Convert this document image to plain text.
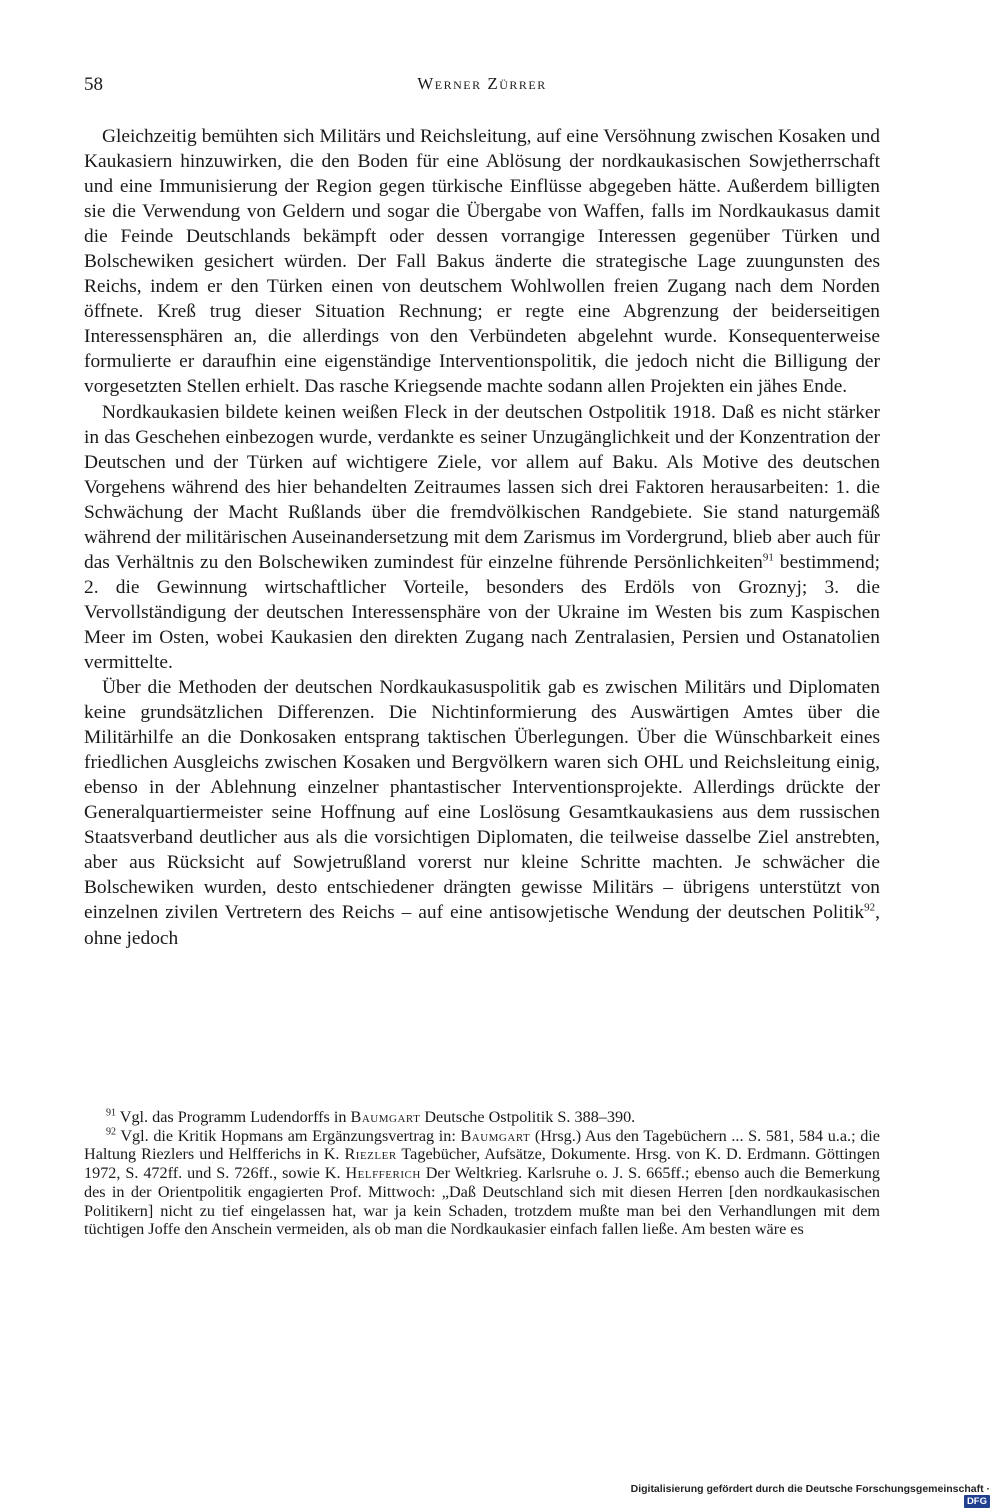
58	Werner Zürrer

Gleichzeitig bemühten sich Militärs und Reichsleitung, auf eine Versöhnung zwischen Kosaken und Kaukasiern hinzuwirken, die den Boden für eine Ablösung der nordkaukasischen Sowjetherrschaft und eine Immunisierung der Region gegen türkische Einflüsse abgegeben hätte. Außerdem billigten sie die Verwendung von Geldern und sogar die Übergabe von Waffen, falls im Nordkaukasus damit die Feinde Deutschlands bekämpft oder dessen vorrangige Interessen gegenüber Türken und Bolschewiken gesichert würden. Der Fall Bakus änderte die strategische Lage zuungunsten des Reichs, indem er den Türken einen von deutschem Wohlwollen freien Zugang nach dem Norden öffnete. Kreß trug dieser Situation Rechnung; er regte eine Abgrenzung der beiderseitigen Interessensphären an, die allerdings von den Verbündeten abgelehnt wurde. Konsequenterweise formulierte er daraufhin eine eigenständige Interventionspolitik, die jedoch nicht die Billigung der vorgesetzten Stellen erhielt. Das rasche Kriegsende machte sodann allen Projekten ein jähes Ende.

Nordkaukasien bildete keinen weißen Fleck in der deutschen Ostpolitik 1918. Daß es nicht stärker in das Geschehen einbezogen wurde, verdankte es seiner Unzugänglichkeit und der Konzentration der Deutschen und der Türken auf wichtigere Ziele, vor allem auf Baku. Als Motive des deutschen Vorgehens während des hier behandelten Zeitraumes lassen sich drei Faktoren herausarbeiten: 1. die Schwächung der Macht Rußlands über die fremdvölkischen Randgebiete. Sie stand naturgemäß während der militärischen Auseinandersetzung mit dem Zarismus im Vordergrund, blieb aber auch für das Verhältnis zu den Bolschewiken zumindest für einzelne führende Persönlichkeiten$^{91}$ bestimmend; 2. die Gewinnung wirtschaftlicher Vorteile, besonders des Erdöls von Groznyj; 3. die Vervollständigung der deutschen Interessensphäre von der Ukraine im Westen bis zum Kaspischen Meer im Osten, wobei Kaukasien den direkten Zugang nach Zentralasien, Persien und Ostanatolien vermittelte.

Über die Methoden der deutschen Nordkaukasuspolitik gab es zwischen Militärs und Diplomaten keine grundsätzlichen Differenzen. Die Nichtinformierung des Auswärtigen Amtes über die Militärhilfe an die Donkosaken entsprang taktischen Überlegungen. Über die Wünschbarkeit eines friedlichen Ausgleichs zwischen Kosaken und Bergvölkern waren sich OHL und Reichsleitung einig, ebenso in der Ablehnung einzelner phantastischer Interventionsprojekte. Allerdings drückte der Generalquartiermeister seine Hoffnung auf eine Loslösung Gesamtkaukasiens aus dem russischen Staatsverband deutlicher aus als die vorsichtigen Diplomaten, die teilweise dasselbe Ziel anstrebten, aber aus Rücksicht auf Sowjetrußland vorerst nur kleine Schritte machten. Je schwächer die Bolschewiken wurden, desto entschiedener drängten gewisse Militärs – übrigens unterstützt von einzelnen zivilen Vertretern des Reichs – auf eine antisowjetische Wendung der deutschen Politik$^{92}$, ohne jedoch

$^{91}$ Vgl. das Programm Ludendorffs in Baumgart Deutsche Ostpolitik S. 388–390.

$^{92}$ Vgl. die Kritik Hopmans am Ergänzungsvertrag in: Baumgart (Hrsg.) Aus den Tagebüchern ... S. 581, 584 u.a.; die Haltung Riezlers und Helfferichs in K. Riezler Tagebücher, Aufsätze, Dokumente. Hrsg. von K. D. Erdmann. Göttingen 1972, S. 472ff. und S. 726ff., sowie K. Helfferich Der Weltkrieg. Karlsruhe o. J. S. 665ff.; ebenso auch die Bemerkung des in der Orientpolitik engagierten Prof. Mittwoch: „Daß Deutschland sich mit diesen Herren [den nordkaukasischen Politikern] nicht zu tief eingelassen hat, war ja kein Schaden, trotzdem mußte man bei den Verhandlungen mit dem tüchtigen Joffe den Anschein vermeiden, als ob man die Nordkaukasier einfach fallen ließe. Am besten wäre es

Digitalisierung gefördert durch die Deutsche Forschungsgemeinschaft ·DFG
